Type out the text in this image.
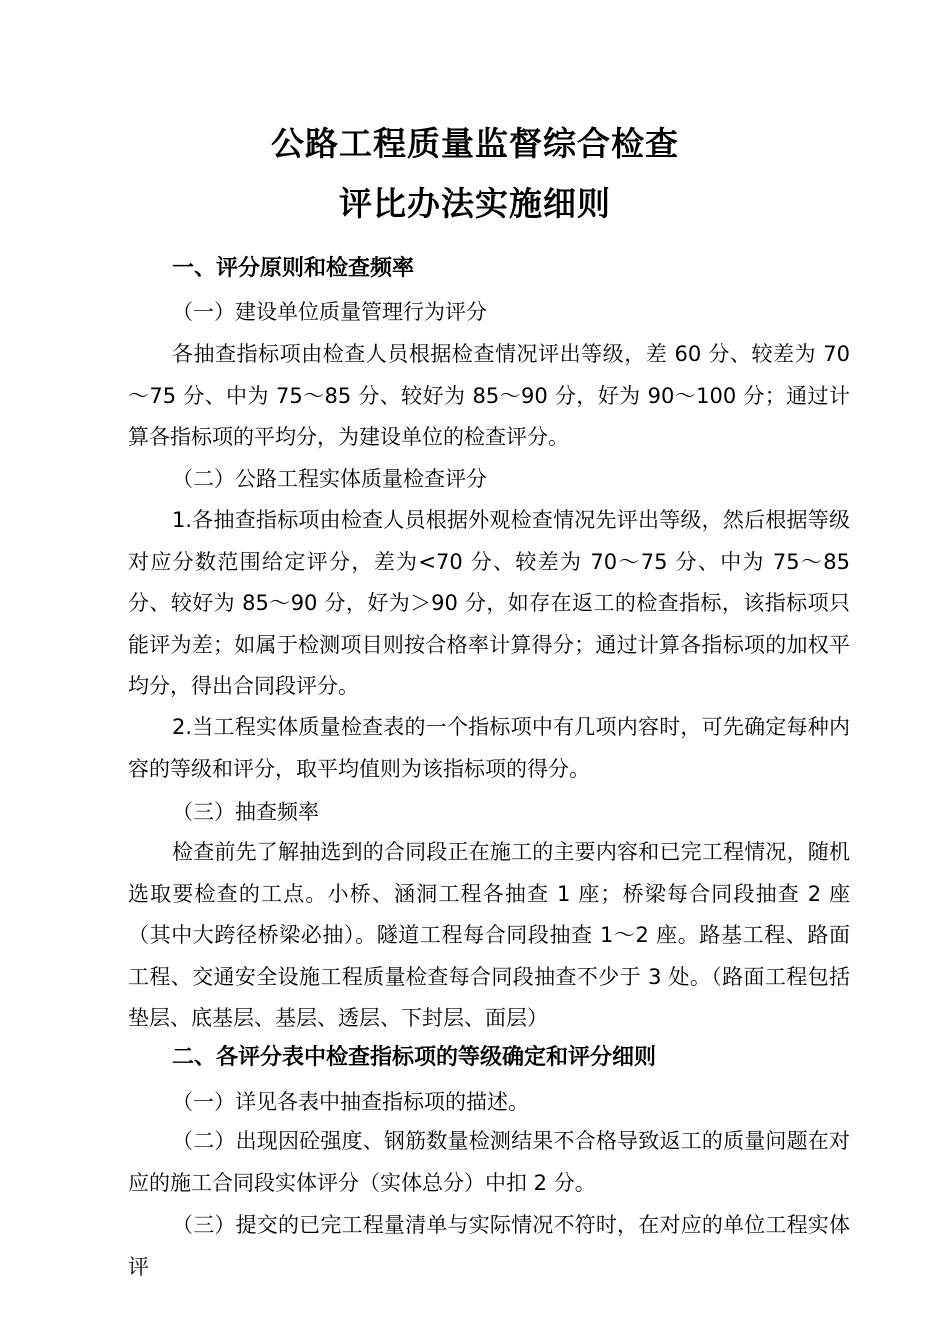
公路工程质量监督综合检查
评比办法实施细则
一、评分原则和检查频率
（一）建设单位质量管理行为评分

各抽查指标项由检查人员根据检查情况评出等级，差 60 分、较差为 70～75 分、中为 75～85 分、较好为 85～90 分，好为 90～100 分；通过计算各指标项的平均分，为建设单位的检查评分。

（二）公路工程实体质量检查评分

1.各抽查指标项由检查人员根据外观检查情况先评出等级，然后根据等级对应分数范围给定评分，差为<70 分、较差为 70～75 分、中为 75～85 分、较好为 85～90 分，好为＞90 分，如存在返工的检查指标，该指标项只能评为差；如属于检测项目则按合格率计算得分；通过计算各指标项的加权平均分，得出合同段评分。

2.当工程实体质量检查表的一个指标项中有几项内容时，可先确定每种内容的等级和评分，取平均值则为该指标项的得分。

（三）抽查频率

检查前先了解抽选到的合同段正在施工的主要内容和已完工程情况，随机选取要检查的工点。小桥、涵洞工程各抽查 1 座；桥梁每合同段抽查 2 座（其中大跨径桥梁必抽）。隧道工程每合同段抽查 1～2 座。路基工程、路面工程、交通安全设施工程质量检查每合同段抽查不少于 3 处。（路面工程包括垫层、底基层、基层、透层、下封层、面层）

二、各评分表中检查指标项的等级确定和评分细则
（一）详见各表中抽查指标项的描述。

（二）出现因砼强度、钢筋数量检测结果不合格导致返工的质量问题在对应的施工合同段实体评分（实体总分）中扣 2 分。

（三）提交的已完工程量清单与实际情况不符时，在对应的单位工程实体评
